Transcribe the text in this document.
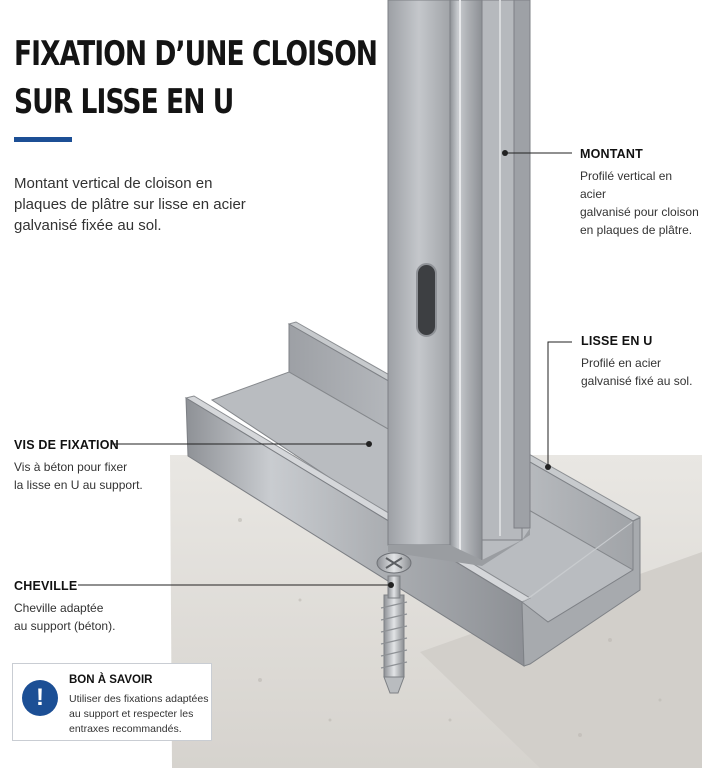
FIXATION D’UNE CLOISON
SUR LISSE EN U

Montant vertical de cloison en plaques de plâtre sur lisse en acier galvanisé fixée au sol.

MONTANT
Profilé vertical en acier
galvanisé pour cloison
en plaques de plâtre.
LISSE EN U
Profilé en acier
galvanisé fixé au sol.
VIS DE FIXATION
Vis à béton pour fixer
la lisse en U au support.
CHEVILLE
Cheville adaptée
au support (béton).
!
BON À SAVOIR
Utiliser des fixations adaptées
au support et respecter les
entraxes recommandés.
